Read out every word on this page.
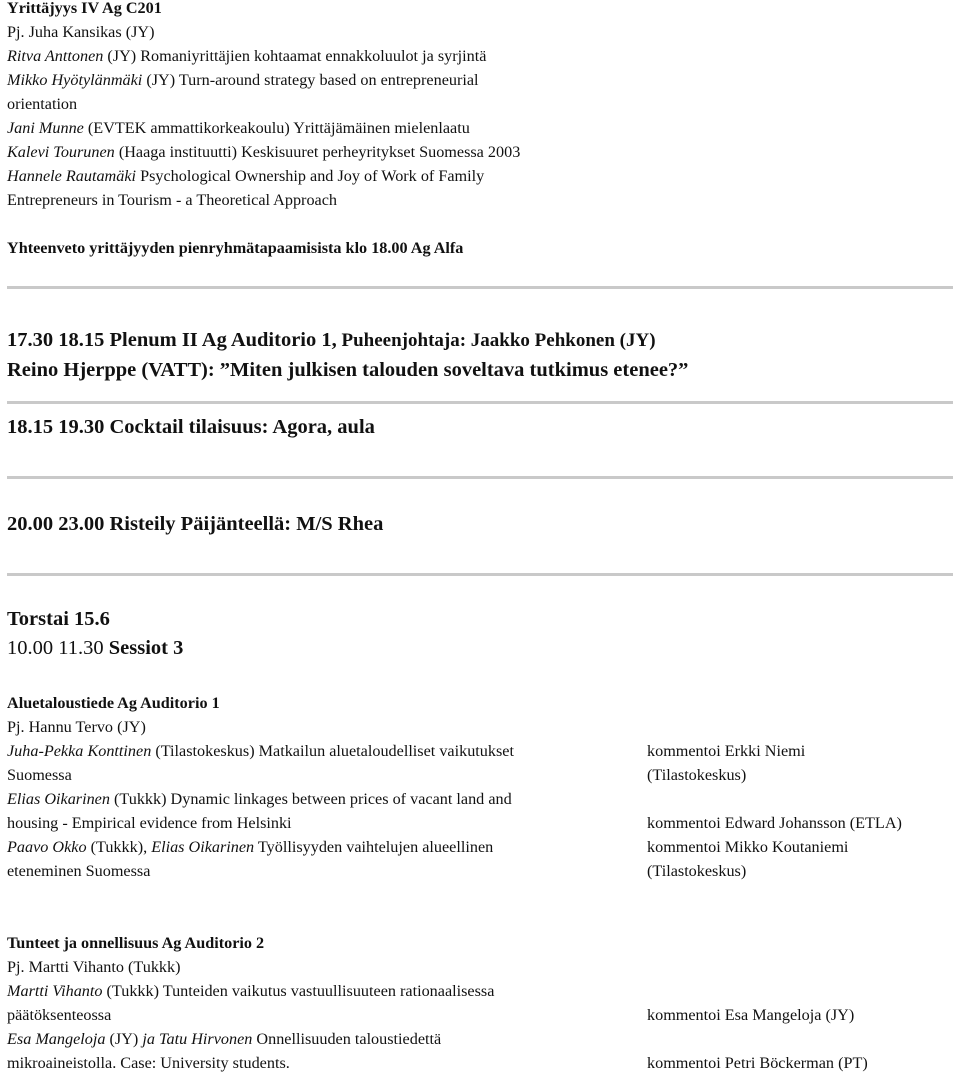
Yrittäjyys IV Ag C201
Pj. Juha Kansikas (JY)
Ritva Anttonen (JY) Romaniyrittäjien kohtaamat ennakkoluulot ja syrjintä
Mikko Hyötylänmäki (JY) Turn-around strategy based on entrepreneurial
orientation
Jani Munne (EVTEK ammattikorkeakoulu) Yrittäjämäinen mielenlaatu
Kalevi Tourunen (Haaga instituutti) Keskisuuret perheyritykset Suomessa 2003
Hannele Rautamäki Psychological Ownership and Joy of Work of Family
Entrepreneurs in Tourism - a Theoretical Approach
Yhteenveto yrittäjyyden pienryhmätapaamisista klo 18.00 Ag Alfa
17.30 18.15 Plenum II Ag Auditorio 1, Puheenjohtaja: Jaakko Pehkonen (JY)
Reino Hjerppe (VATT): ”Miten julkisen talouden soveltava tutkimus etenee?”
18.15 19.30 Cocktail tilaisuus: Agora, aula
20.00 23.00 Risteily Päijänteellä: M/S Rhea
Torstai 15.6
10.00 11.30 Sessiot 3
Aluetaloustiede Ag Auditorio 1
Pj. Hannu Tervo (JY)
Juha-Pekka Konttinen (Tilastokeskus) Matkailun aluetaloudelliset vaikutukset	kommentoi Erkki Niemi
Suomessa	(Tilastokeskus)
Elias Oikarinen (Tukkk) Dynamic linkages between prices of vacant land and
housing - Empirical evidence from Helsinki	kommentoi Edward Johansson (ETLA)
Paavo Okko (Tukkk), Elias Oikarinen Työllisyyden vaihtelujen alueellinen	kommentoi Mikko Koutaniemi
eteneminen Suomessa	(Tilastokeskus)
Tunteet ja onnellisuus Ag Auditorio 2
Pj. Martti Vihanto (Tukkk)
Martti Vihanto (Tukkk) Tunteiden vaikutus vastuullisuuteen rationaalisessa
päätöksenteossa	kommentoi Esa Mangeloja (JY)
Esa Mangeloja (JY) ja Tatu Hirvonen Onnellisuuden taloustiedettä
mikroaineistolla. Case: University students.	kommentoi Petri Böckerman (PT)
